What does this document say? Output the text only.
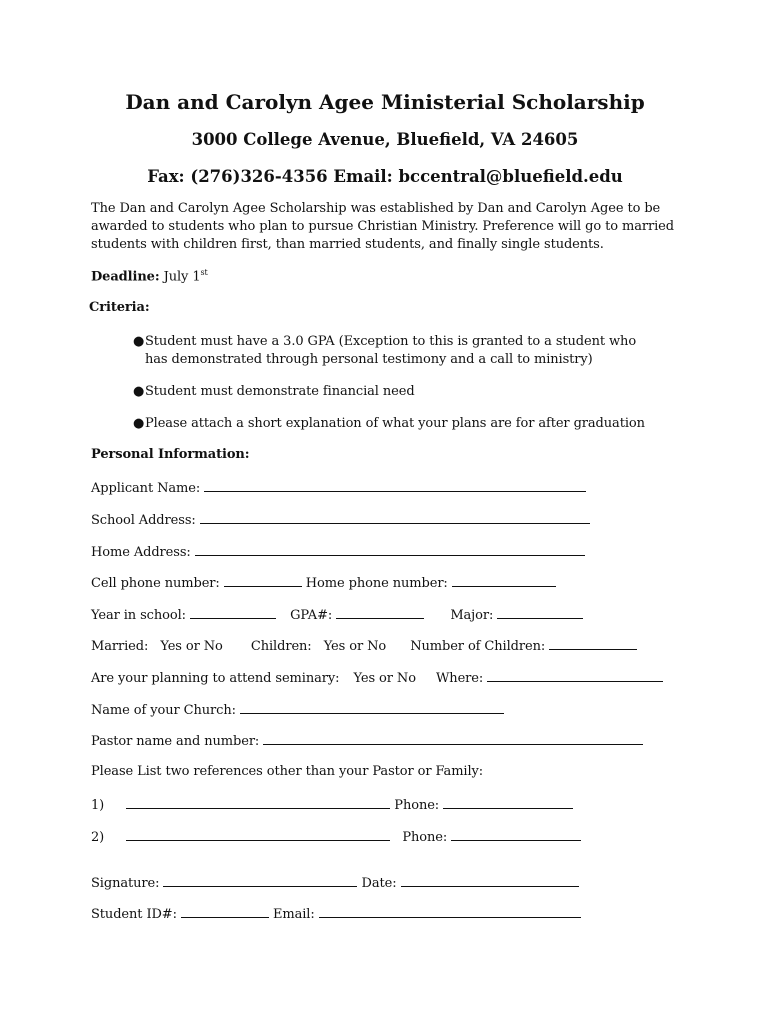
Dan and Carolyn Agee Ministerial Scholarship
3000 College Avenue, Bluefield, VA 24605
Fax: (276)326-4356 Email: bccentral@bluefield.edu
The Dan and Carolyn Agee Scholarship was established by Dan and Carolyn Agee to be awarded to students who plan to pursue Christian Ministry. Preference will go to married students with children first, than married students, and finally single students.
Deadline: July 1st
Criteria:
●Student must have a 3.0 GPA (Exception to this is granted to a student who has demonstrated through personal testimony and a call to ministry)
●Student must demonstrate financial need
●Please attach a short explanation of what your plans are for after graduation
Personal Information:
Applicant Name:
School Address:
Home Address:
Cell phone number:	Home phone number:
Year in school:	GPA#:	Major:
Married: Yes or No Children: Yes or No Number of Children:
Are your planning to attend seminary: Yes or No Where:
Name of your Church:
Pastor name and number:
Please List two references other than your Pastor or Family:
1)	Phone:
2)	Phone:
Signature:	Date:
Student ID#:	Email:
